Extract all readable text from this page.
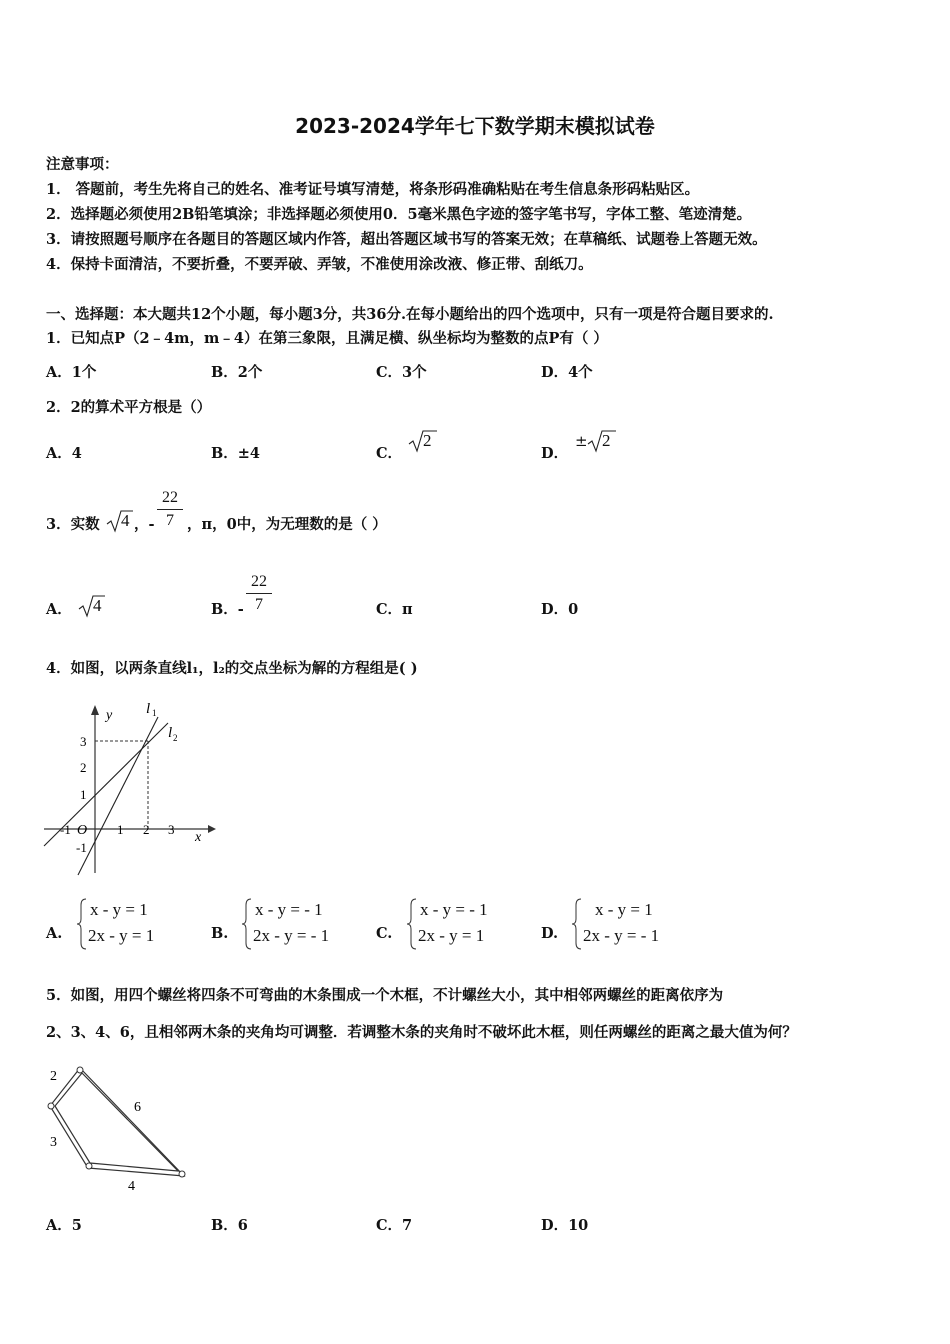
2023-2024学年七下数学期末模拟试卷
注意事项：
1． 答题前，考生先将自己的姓名、准考证号填写清楚，将条形码准确粘贴在考生信息条形码粘贴区。
2．选择题必须使用2B铅笔填涂；非选择题必须使用0．5毫米黑色字迹的签字笔书写，字体工整、笔迹清楚。
3．请按照题号顺序在各题目的答题区域内作答，超出答题区域书写的答案无效；在草稿纸、试题卷上答题无效。
4．保持卡面清洁，不要折叠，不要弄破、弄皱，不准使用涂改液、修正带、刮纸刀。
一、选择题：本大题共12个小题，每小题3分，共36分.在每小题给出的四个选项中，只有一项是符合题目要求的.
1．已知点P（2﹣4m，m﹣4）在第三象限，且满足横、纵坐标均为整数的点P有（ ）
A．1个	B．2个	C．3个	D．4个
2．2的算术平方根是（）
A．4	B．±4	C．
2
D．
± 2
3．实数 4 ，- $\frac{22}{7}$ ，π，0中，为无理数的是（ ）
A． 4	B．- $\frac{22}{7}$	C．π	D．0
4．如图，以两条直线l₁，l₂的交点坐标为解的方程组是( )
y
x
O
l 1
l 2
3
2
1
-1
-1	1 2 3
A.
x - y = 1
2x - y = 1	B.
x - y = - 1
2x - y = - 1	C.
x - y = - 1
2x - y = 1	D.
x - y = 1
2x - y = - 1
5．如图，用四个螺丝将四条不可弯曲的木条围成一个木框，不计螺丝大小，其中相邻两螺丝的距离依序为
2、3、4、6，且相邻两木条的夹角均可调整．若调整木条的夹角时不破坏此木框，则任两螺丝的距离之最大值为何？
2
6
3
4
A．5	B．6	C．7	D．10
